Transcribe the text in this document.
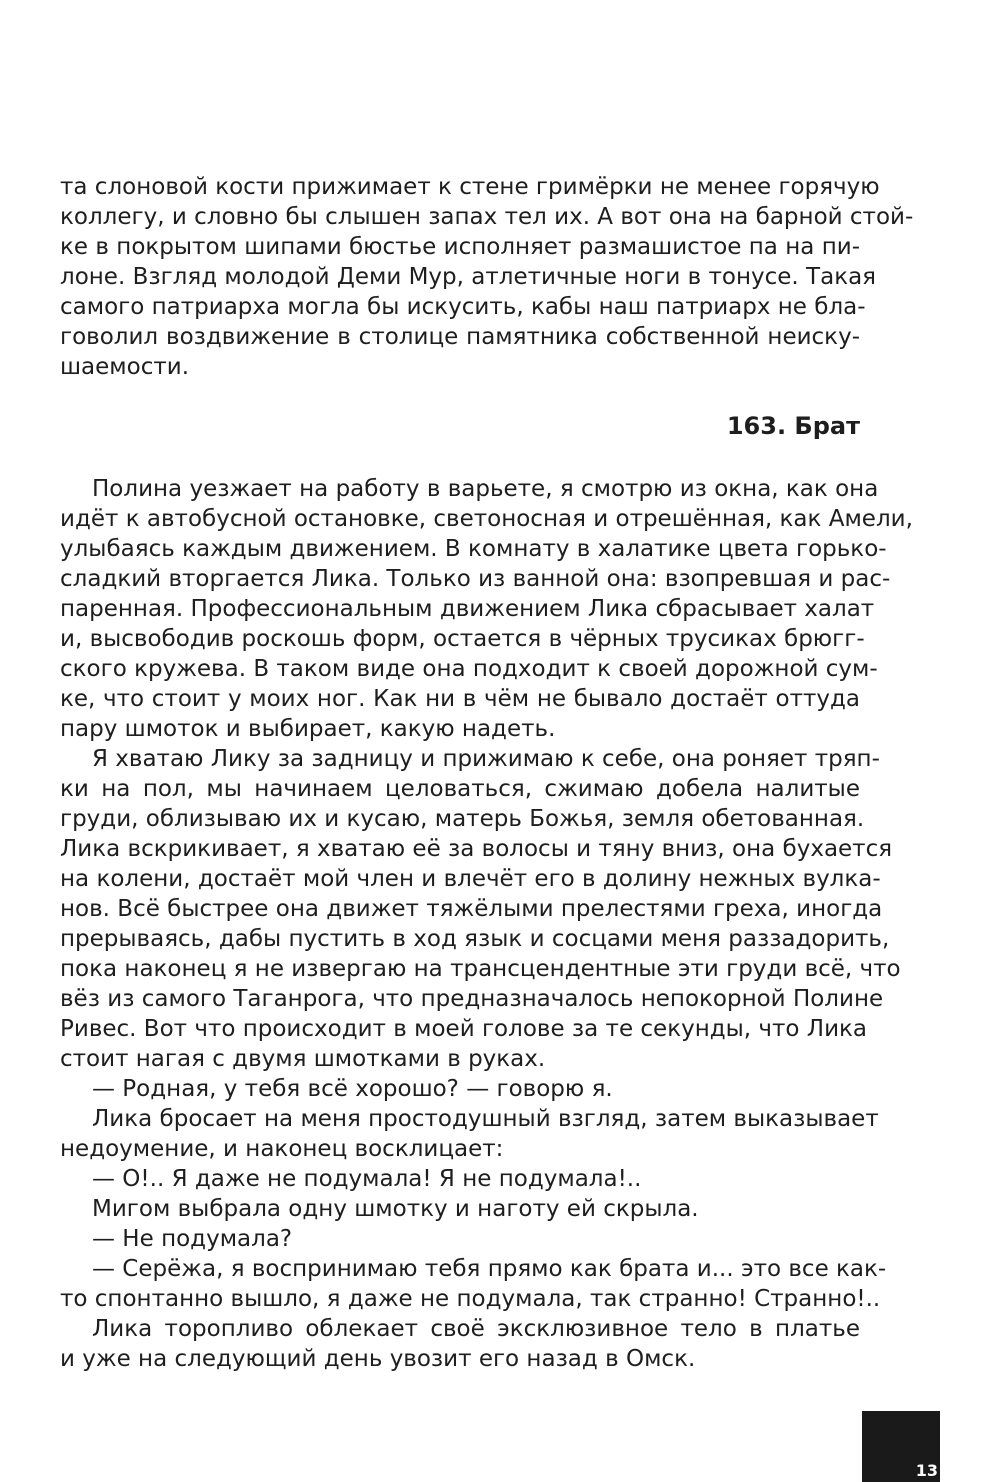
та слоновой кости прижимает к стене гримёрки не менее горячую

коллегу, и словно бы слышен запах тел их. А вот она на барной стой-

ке в покрытом шипами бюстье исполняет размашистое па на пи-

лоне. Взгляд молодой Деми Мур, атлетичные ноги в тонусе. Такая

самого патриарха могла бы искусить, кабы наш патриарх не бла-

говолил воздвижение в столице памятника собственной неиску-

шаемости.

163. Брат

Полина уезжает на работу в варьете, я смотрю из окна, как она

идёт к автобусной остановке, светоносная и отрешённая, как Амели,

улыбаясь каждым движением. В комнату в халатике цвета горько-

сладкий вторгается Лика. Только из ванной она: взопревшая и рас-

паренная. Профессиональным движением Лика сбрасывает халат

и, высвободив роскошь форм, остается в чёрных трусиках брюгг-

ского кружева. В таком виде она подходит к своей дорожной сум-

ке, что стоит у моих ног. Как ни в чём не бывало достаёт оттуда

пару шмоток и выбирает, какую надеть.

Я хватаю Лику за задницу и прижимаю к себе, она роняет тряп-

ки на пол, мы начинаем целоваться, сжимаю добела налитые

груди, облизываю их и кусаю, матерь Божья, земля обетованная.

Лика вскрикивает, я хватаю её за волосы и тяну вниз, она бухается

на колени, достаёт мой член и влечёт его в долину нежных вулка-

нов. Всё быстрее она движет тяжёлыми прелестями греха, иногда

прерываясь, дабы пустить в ход язык и сосцами меня раззадорить,

пока наконец я не извергаю на трансцендентные эти груди всё, что

вёз из самого Таганрога, что предназначалось непокорной Полине

Ривес. Вот что происходит в моей голове за те секунды, что Лика

стоит нагая с двумя шмотками в руках.

— Родная, у тебя всё хорошо? — говорю я.

Лика бросает на меня простодушный взгляд, затем выказывает

недоумение, и наконец восклицает:

— О!.. Я даже не подумала! Я не подумала!..

Мигом выбрала одну шмотку и наготу ей скрыла.

— Не подумала?

— Серёжа, я воспринимаю тебя прямо как брата и... это все как-

то спонтанно вышло, я даже не подумала, так странно! Странно!..

Лика торопливо облекает своё эксклюзивное тело в платье

и уже на следующий день увозит его назад в Омск.

13
